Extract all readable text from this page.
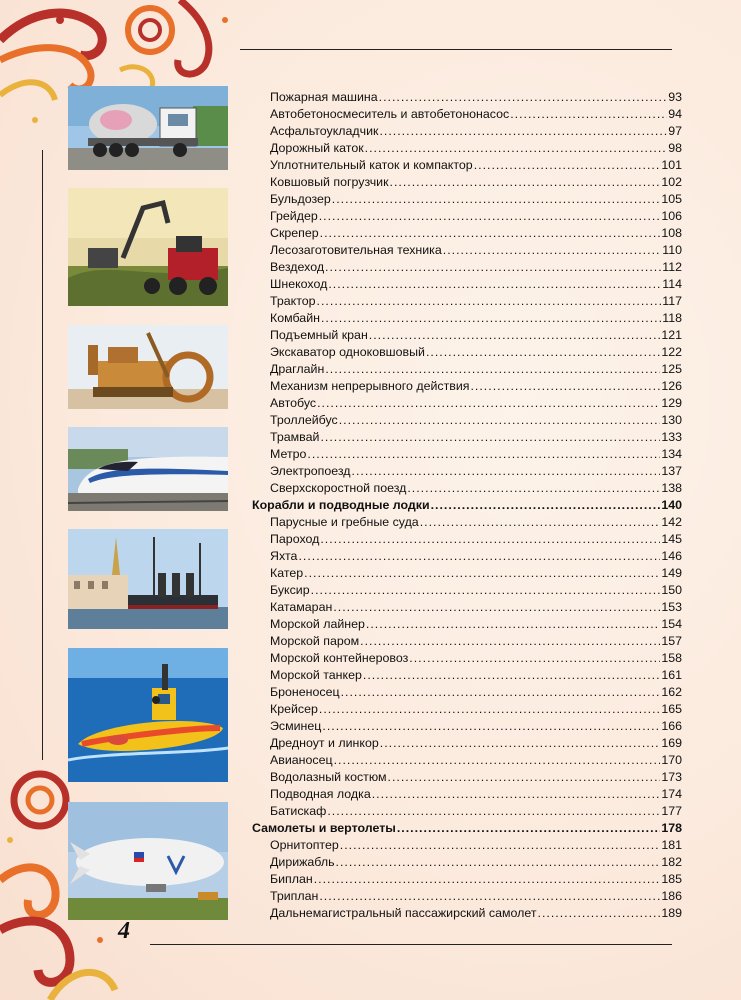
Пожарная машина .....	93
Автобетоносмеситель и автобетононасос .....	94
Асфальтоукладчик .....	97
Дорожный каток .....	98
Уплотнительный каток и компактор .....	101
Ковшовый погрузчик .....	102
Бульдозер .....	105
Грейдер .....	106
Скрепер .....	108
Лесозаготовительная техника .....	110
Вездеход .....	112
Шнекоход .....	114
Трактор .....	117
Комбайн .....	118
Подъемный кран .....	121
Экскаватор одноковшовый .....	122
Драглайн .....	125
Механизм непрерывного действия .....	126
Автобус .....	129
Троллейбус .....	130
Трамвай .....	133
Метро .....	134
Электропоезд .....	137
Сверхскоростной поезд .....	138
Корабли и подводные лодки .....	140
Парусные и гребные суда .....	142
Пароход .....	145
Яхта .....	146
Катер .....	149
Буксир .....	150
Катамаран .....	153
Морской лайнер .....	154
Морской паром .....	157
Морской контейнеровоз .....	158
Морской танкер .....	161
Броненосец .....	162
Крейсер .....	165
Эсминец .....	166
Дредноут и линкор .....	169
Авианосец .....	170
Водолазный костюм .....	173
Подводная лодка .....	174
Батискаф .....	177
Самолеты и вертолеты .....	178
Орнитоптер .....	181
Дирижабль .....	182
Биплан .....	185
Триплан .....	186
Дальнемагистральный пассажирский самолет .....	189
4
